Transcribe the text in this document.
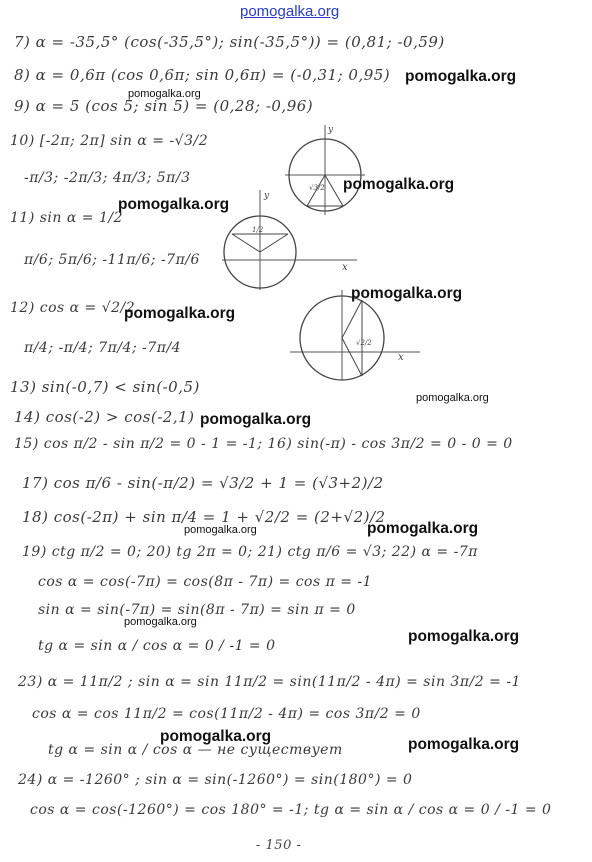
pomogalka.org
7) α = -35,5° (cos(-35,5°); sin(-35,5°)) = (0,81; -0,59)
8) α = 0,6π (cos 0,6π; sin 0,6π) = (-0,31; 0,95)
9) α = 5 (cos 5; sin 5) = (0,28; -0,96)
10) [-2π; 2π] sin α = -√3/2
-π/3; -2π/3; 4π/3; 5π/3
11) sin α = 1/2
π/6; 5π/6; -11π/6; -7π/6
12) cos α = √2/2
π/4; -π/4; 7π/4; -7π/4
13) sin(-0,7) < sin(-0,5)
14) cos(-2) > cos(-2,1)
15) cos π/2 - sin π/2 = 0 - 1 = -1; 16) sin(-π) - cos 3π/2 = 0 - 0 = 0
17) cos π/6 - sin(-π/2) = √3/2 + 1 = (√3+2)/2
18) cos(-2π) + sin π/4 = 1 + √2/2 = (2+√2)/2
19) ctg π/2 = 0; 20) tg 2π = 0; 21) ctg π/6 = √3; 22) α = -7π
cos α = cos(-7π) = cos(8π - 7π) = cos π = -1
sin α = sin(-7π) = sin(8π - 7π) = sin π = 0
tg α = sin α / cos α = 0 / -1 = 0
23) α = 11π/2 ; sin α = sin 11π/2 = sin(11π/2 - 4π) = sin 3π/2 = -1
cos α = cos 11π/2 = cos(11π/2 - 4π) = cos 3π/2 = 0
tg α = sin α / cos α — не существует
24) α = -1260° ; sin α = sin(-1260°) = sin(180°) = 0
cos α = cos(-1260°) = cos 180° = -1; tg α = sin α / cos α = 0 / -1 = 0
- 150 -
y
√3/2
x
y
1/2
x
√2/2
pomogalka.org
pomogalka.org
pomogalka.org
pomogalka.org
pomogalka.org
pomogalka.org
pomogalka.org
pomogalka.org
pomogalka.org	pomogalka.org
pomogalka.org
pomogalka.org
pomogalka.org	pomogalka.org
